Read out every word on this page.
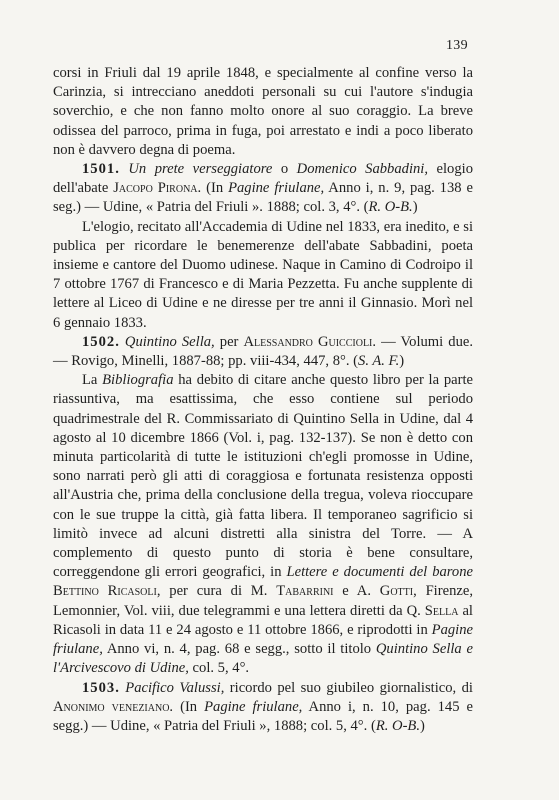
139

corsi in Friuli dal 19 aprile 1848, e specialmente al confine verso la Carinzia, si intrecciano aneddoti personali su cui l'autore s'indugia soverchio, e che non fanno molto onore al suo coraggio. La breve odissea del parroco, prima in fuga, poi arrestato e indi a poco liberato non è davvero degna di poema.

1501. Un prete verseggiatore o Domenico Sabbadini, elogio dell'abate Jacopo Pirona. (In Pagine friulane, Anno i, n. 9, pag. 138 e seg.) — Udine, « Patria del Friuli ». 1888; col. 3, 4°. (R. O-B.)

L'elogio, recitato all'Accademia di Udine nel 1833, era inedito, e si publica per ricordare le benemerenze dell'abate Sabbadini, poeta insieme e cantore del Duomo udinese. Naque in Camino di Codroipo il 7 ottobre 1767 di Francesco e di Maria Pezzetta. Fu anche supplente di lettere al Liceo di Udine e ne diresse per tre anni il Ginnasio. Morì nel 6 gennaio 1833.

1502. Quintino Sella, per Alessandro Guiccioli. — Volumi due. — Rovigo, Minelli, 1887-88; pp. viii-434, 447, 8°. (S. A. F.)

La Bibliografia ha debito di citare anche questo libro per la parte riassuntiva, ma esattissima, che esso contiene sul periodo quadrimestrale del R. Commissariato di Quintino Sella in Udine, dal 4 agosto al 10 dicembre 1866 (Vol. i, pag. 132-137). Se non è detto con minuta particolarità di tutte le istituzioni ch'egli promosse in Udine, sono narrati però gli atti di coraggiosa e fortunata resistenza opposti all'Austria che, prima della conclusione della tregua, voleva rioccupare con le sue truppe la città, già fatta libera. Il temporaneo sagrificio si limitò invece ad alcuni distretti alla sinistra del Torre. — A complemento di questo punto di storia è bene consultare, correggendone gli errori geografici, in Lettere e documenti del barone Bettino Ricasoli, per cura di M. Tabarrini e A. Gotti, Firenze, Lemonnier, Vol. viii, due telegrammi e una lettera diretti da Q. Sella al Ricasoli in data 11 e 24 agosto e 11 ottobre 1866, e riprodotti in Pagine friulane, Anno vi, n. 4, pag. 68 e segg., sotto il titolo Quintino Sella e l'Arcivescovo di Udine, col. 5, 4°.

1503. Pacifico Valussi, ricordo pel suo giubileo giornalistico, di Anonimo veneziano. (In Pagine friulane, Anno i, n. 10, pag. 145 e segg.) — Udine, « Patria del Friuli », 1888; col. 5, 4°. (R. O-B.)
